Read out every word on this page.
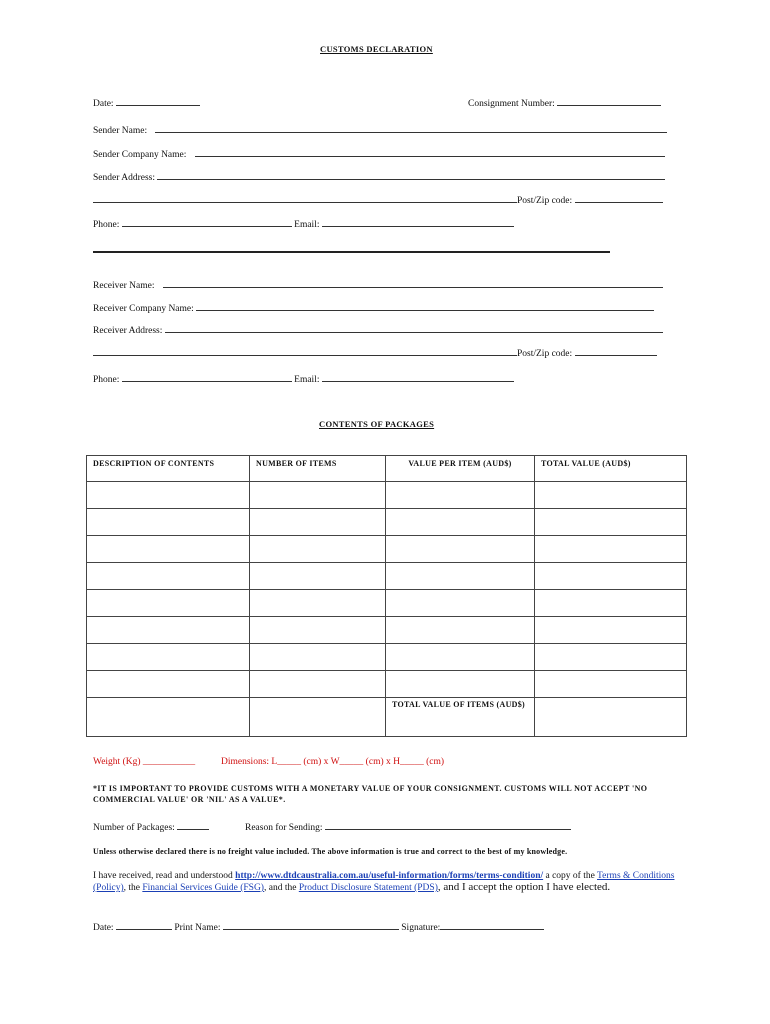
CUSTOMS DECLARATION
Date:	Consignment Number:
Sender Name:
Sender Company Name:
Sender Address:
Post/Zip code:
Phone:	Email:
Receiver Name:
Receiver Company Name:
Receiver Address:
Post/Zip code:
Phone:	Email:
CONTENTS OF PACKAGES
DESCRIPTION OF CONTENTS	NUMBER OF ITEMS	VALUE PER ITEM (AUD$)	TOTAL VALUE (AUD$)

		TOTAL VALUE OF ITEMS (AUD$)	
Weight (Kg) ___________	Dimensions: L_____ (cm) x W_____ (cm) x H_____ (cm)
*IT IS IMPORTANT TO PROVIDE CUSTOMS WITH A MONETARY VALUE OF YOUR CONSIGNMENT. CUSTOMS WILL NOT ACCEPT 'NO COMMERCIAL VALUE' OR 'NIL' AS A VALUE*.
Number of Packages:	Reason for Sending:
Unless otherwise declared there is no freight value included. The above information is true and correct to the best of my knowledge.
I have received, read and understood http://www.dtdcaustralia.com.au/useful-information/forms/terms-condition/ a copy of the Terms & Conditions (Policy), the Financial Services Guide (FSG), and the Product Disclosure Statement (PDS), and I accept the option I have elected.
Date:	Print Name:	Signature:
